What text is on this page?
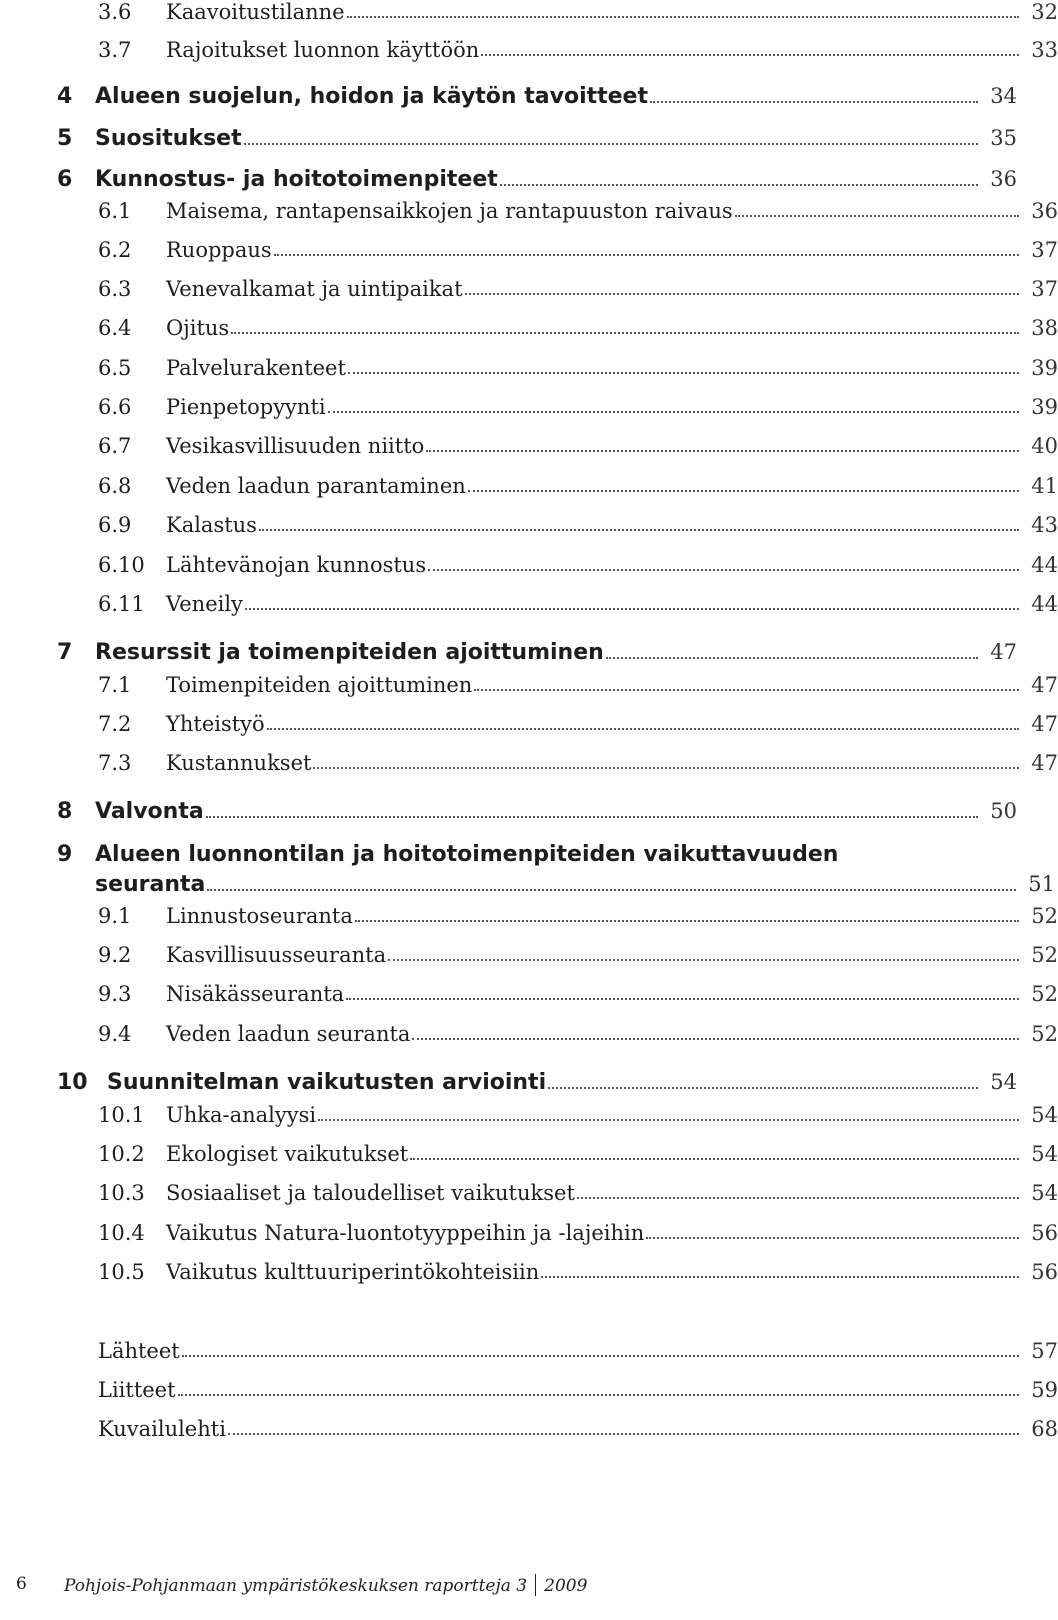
3.6	Kaavoitustilanne	32
3.7	Rajoitukset luonnon käyttöön	33
4	Alueen suojelun, hoidon ja käytön tavoitteet	34
5	Suositukset	35
6	Kunnostus- ja hoitotoimenpiteet	36
6.1	Maisema, rantapensaikkojen ja rantapuuston raivaus	36
6.2	Ruoppaus	37
6.3	Venevalkamat ja uintipaikat	37
6.4	Ojitus	38
6.5	Palvelurakenteet	39
6.6	Pienpetopyynti	39
6.7	Vesikasvillisuuden niitto	40
6.8	Veden laadun parantaminen	41
6.9	Kalastus	43
6.10	Lähtevänojan kunnostus	44
6.11	Veneily	44
7	Resurssit ja toimenpiteiden ajoittuminen	47
7.1	Toimenpiteiden ajoittuminen	47
7.2	Yhteistyö	47
7.3	Kustannukset	47
8	Valvonta	50
9	Alueen luonnontilan ja hoitotoimenpiteiden vaikuttavuuden
seuranta	51
9.1	Linnustoseuranta	52
9.2	Kasvillisuusseuranta	52
9.3	Nisäkässeuranta	52
9.4	Veden laadun seuranta	52
10 Suunnitelman vaikutusten arviointi	54
10.1	Uhka-analyysi	54
10.2	Ekologiset vaikutukset	54
10.3	Sosiaaliset ja taloudelliset vaikutukset	54
10.4	Vaikutus Natura-luontotyyppeihin ja -lajeihin	56
10.5	Vaikutus kulttuuriperintökohteisiin	56
Lähteet	57
Liitteet	59
Kuvailulehti	68
6 Pohjois-Pohjanmaan ympäristökeskuksen raportteja 3 2009
